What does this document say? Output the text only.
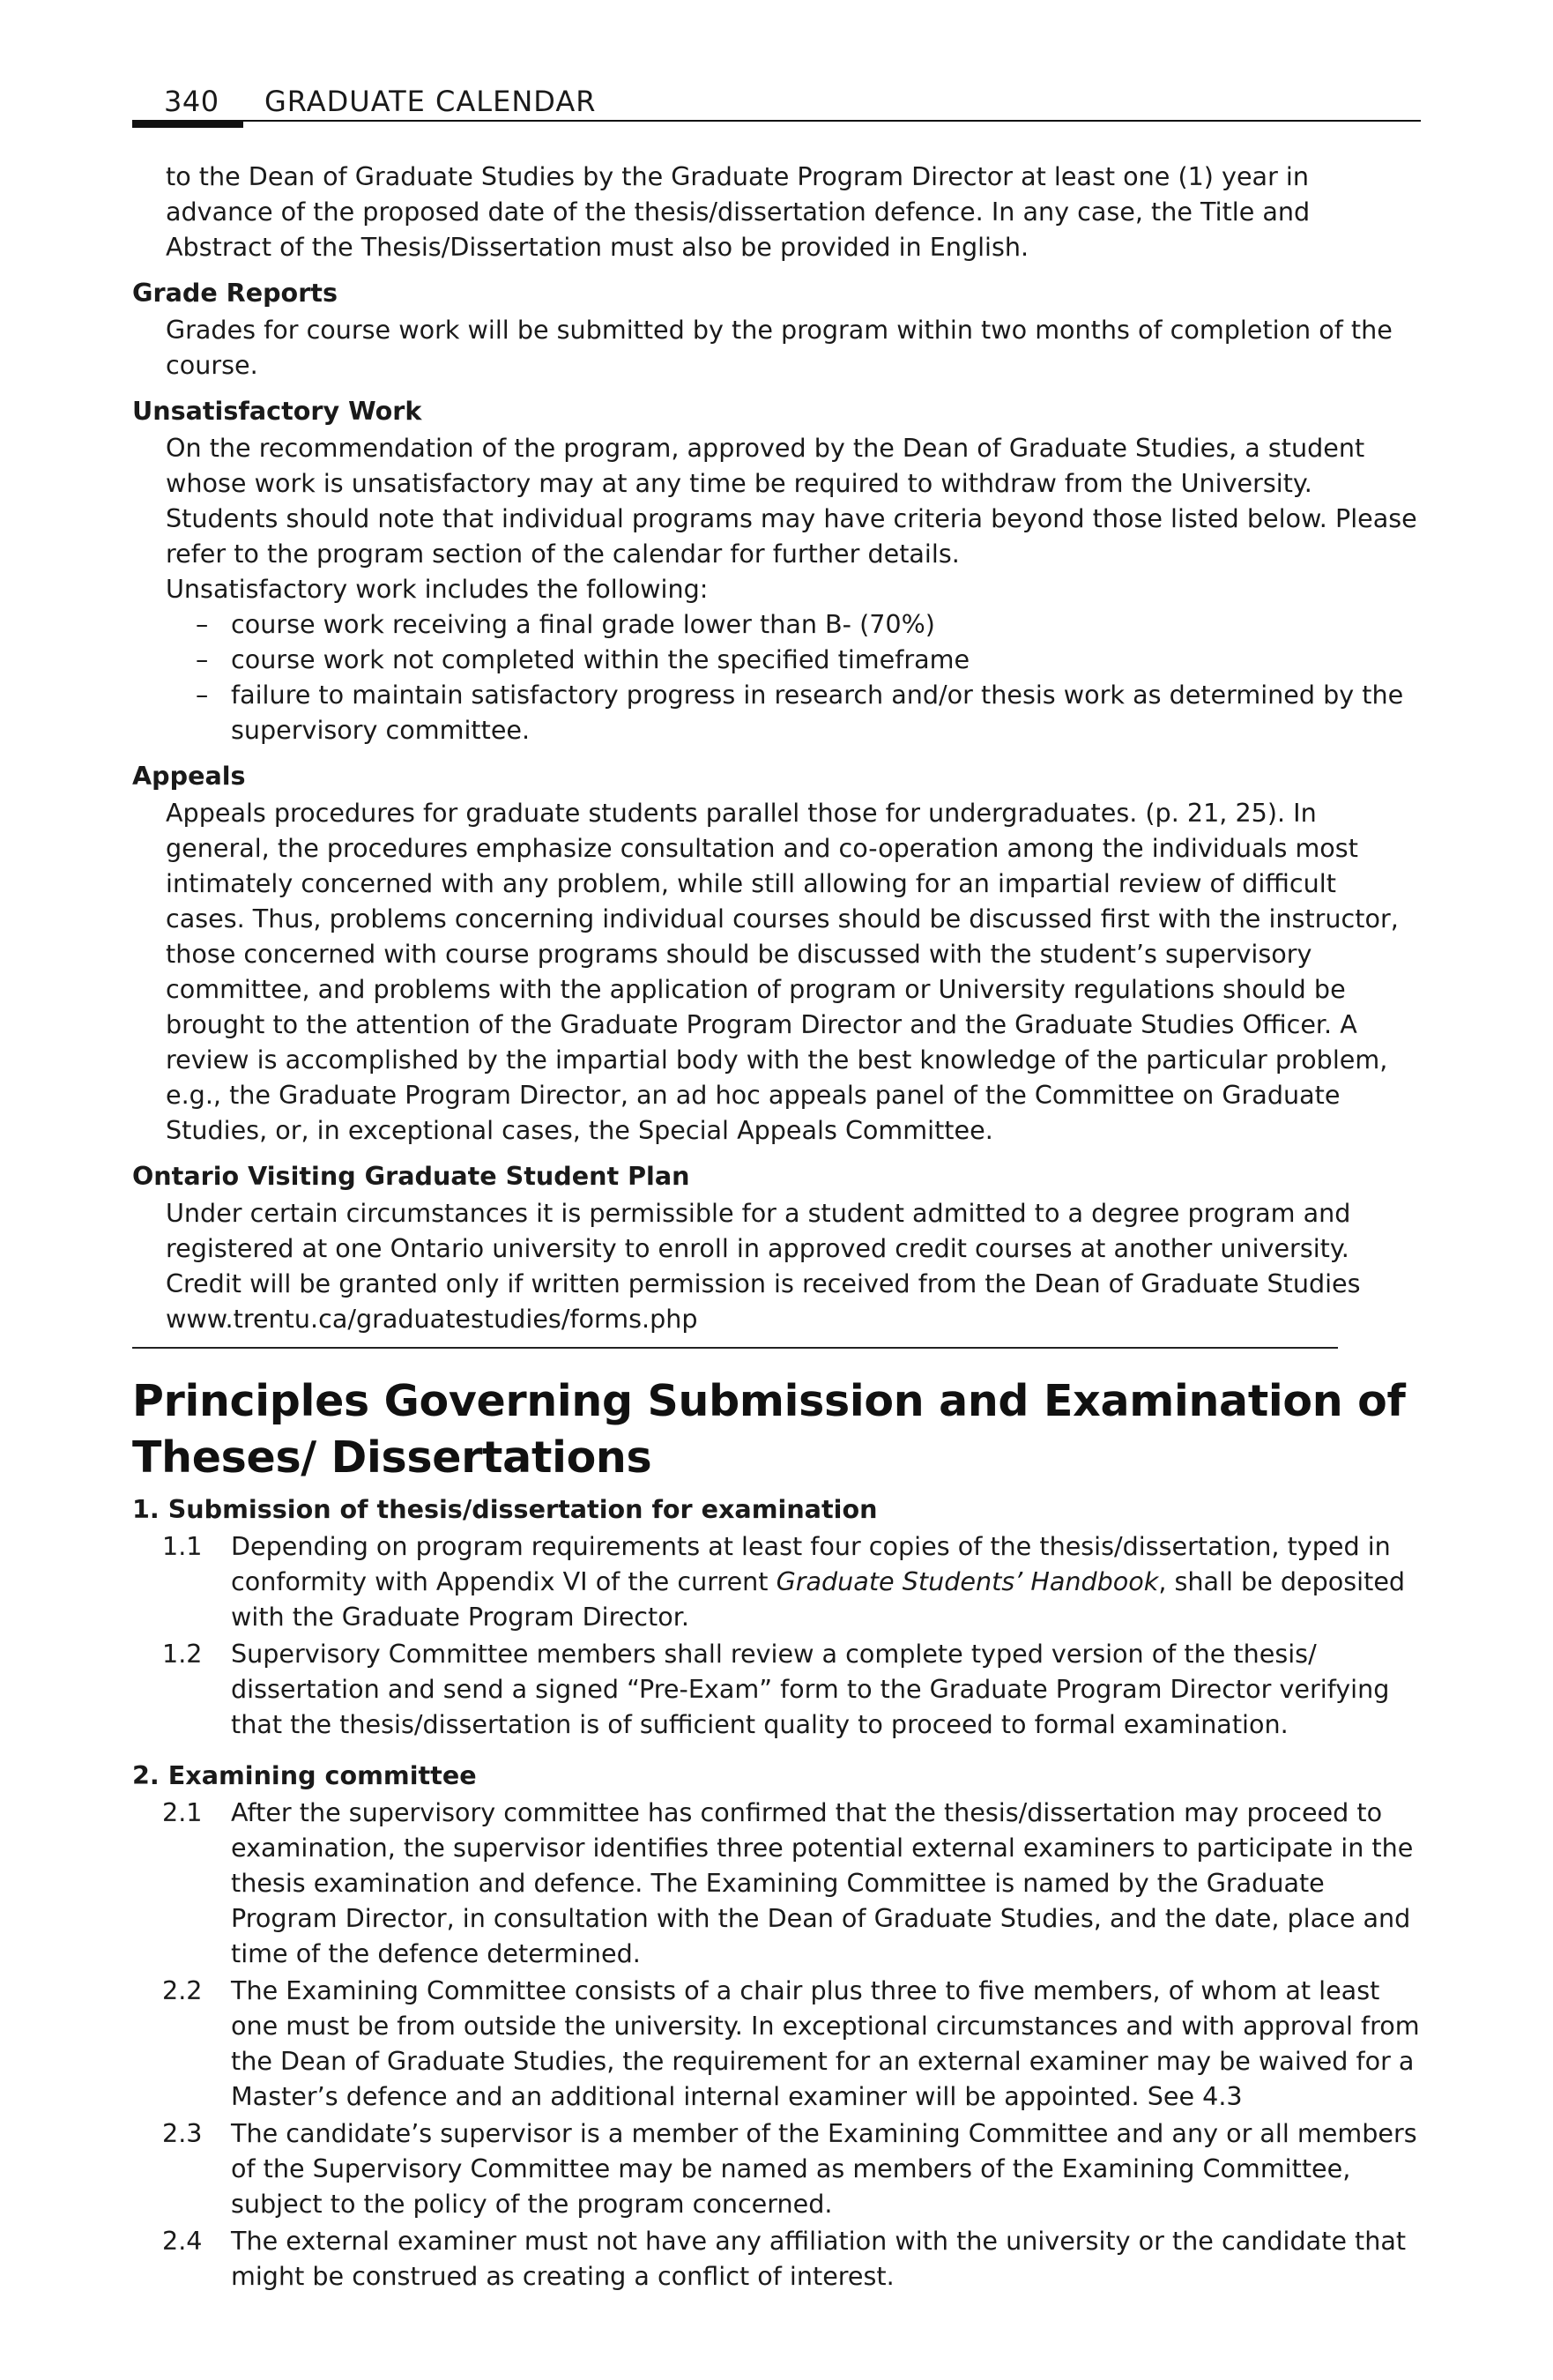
340 GRADUATE CALENDAR

to the Dean of Graduate Studies by the Graduate Program Director at least one (1) year in advance of the proposed date of the thesis/dissertation defence. In any case, the Title and Abstract of the Thesis/Dissertation must also be provided in English.

Grade Reports

Grades for course work will be submitted by the program within two months of completion of the course.

Unsatisfactory Work

On the recommendation of the program, approved by the Dean of Graduate Studies, a student whose work is unsatisfactory may at any time be required to withdraw from the University. Students should note that individual programs may have criteria beyond those listed below. Please refer to the program section of the calendar for further details.

Unsatisfactory work includes the following:

– course work receiving a final grade lower than B- (70%)
– course work not completed within the specified timeframe
– failure to maintain satisfactory progress in research and/or thesis work as determined by the supervisory committee.
Appeals

Appeals procedures for graduate students parallel those for undergraduates. (p. 21, 25). In general, the procedures emphasize consultation and co-operation among the individuals most intimately concerned with any problem, while still allowing for an impartial review of difficult cases. Thus, problems concerning individual courses should be discussed first with the instructor, those concerned with course programs should be discussed with the student’s supervisory committee, and problems with the application of program or University regulations should be brought to the attention of the Graduate Program Director and the Graduate Studies Officer. A review is accomplished by the impartial body with the best knowledge of the particular problem, e.g., the Graduate Program Director, an ad hoc appeals panel of the Committee on Graduate Studies, or, in exceptional cases, the Special Appeals Committee.

Ontario Visiting Graduate Student Plan

Under certain circumstances it is permissible for a student admitted to a degree program and registered at one Ontario university to enroll in approved credit courses at another university. Credit will be granted only if written permission is received from the Dean of Graduate Studies

www.trentu.ca/graduatestudies/forms.php

Principles Governing Submission and Examination of Theses/ Dissertations
1. Submission of thesis/dissertation for examination
1.1 Depending on program requirements at least four copies of the thesis/dissertation, typed in conformity with Appendix VI of the current Graduate Students’ Handbook, shall be deposited with the Graduate Program Director.
1.2 Supervisory Committee members shall review a complete typed version of the thesis/ dissertation and send a signed “Pre-Exam” form to the Graduate Program Director verifying that the thesis/dissertation is of sufficient quality to proceed to formal examination.
2. Examining committee
2.1 After the supervisory committee has confirmed that the thesis/dissertation may proceed to examination, the supervisor identifies three potential external examiners to participate in the thesis examination and defence. The Examining Committee is named by the Graduate Program Director, in consultation with the Dean of Graduate Studies, and the date, place and time of the defence determined.
2.2 The Examining Committee consists of a chair plus three to five members, of whom at least one must be from outside the university. In exceptional circumstances and with approval from the Dean of Graduate Studies, the requirement for an external examiner may be waived for a Master’s defence and an additional internal examiner will be appointed. See 4.3
2.3 The candidate’s supervisor is a member of the Examining Committee and any or all members of the Supervisory Committee may be named as members of the Examining Committee, subject to the policy of the program concerned.
2.4 The external examiner must not have any affiliation with the university or the candidate that might be construed as creating a conflict of interest.
